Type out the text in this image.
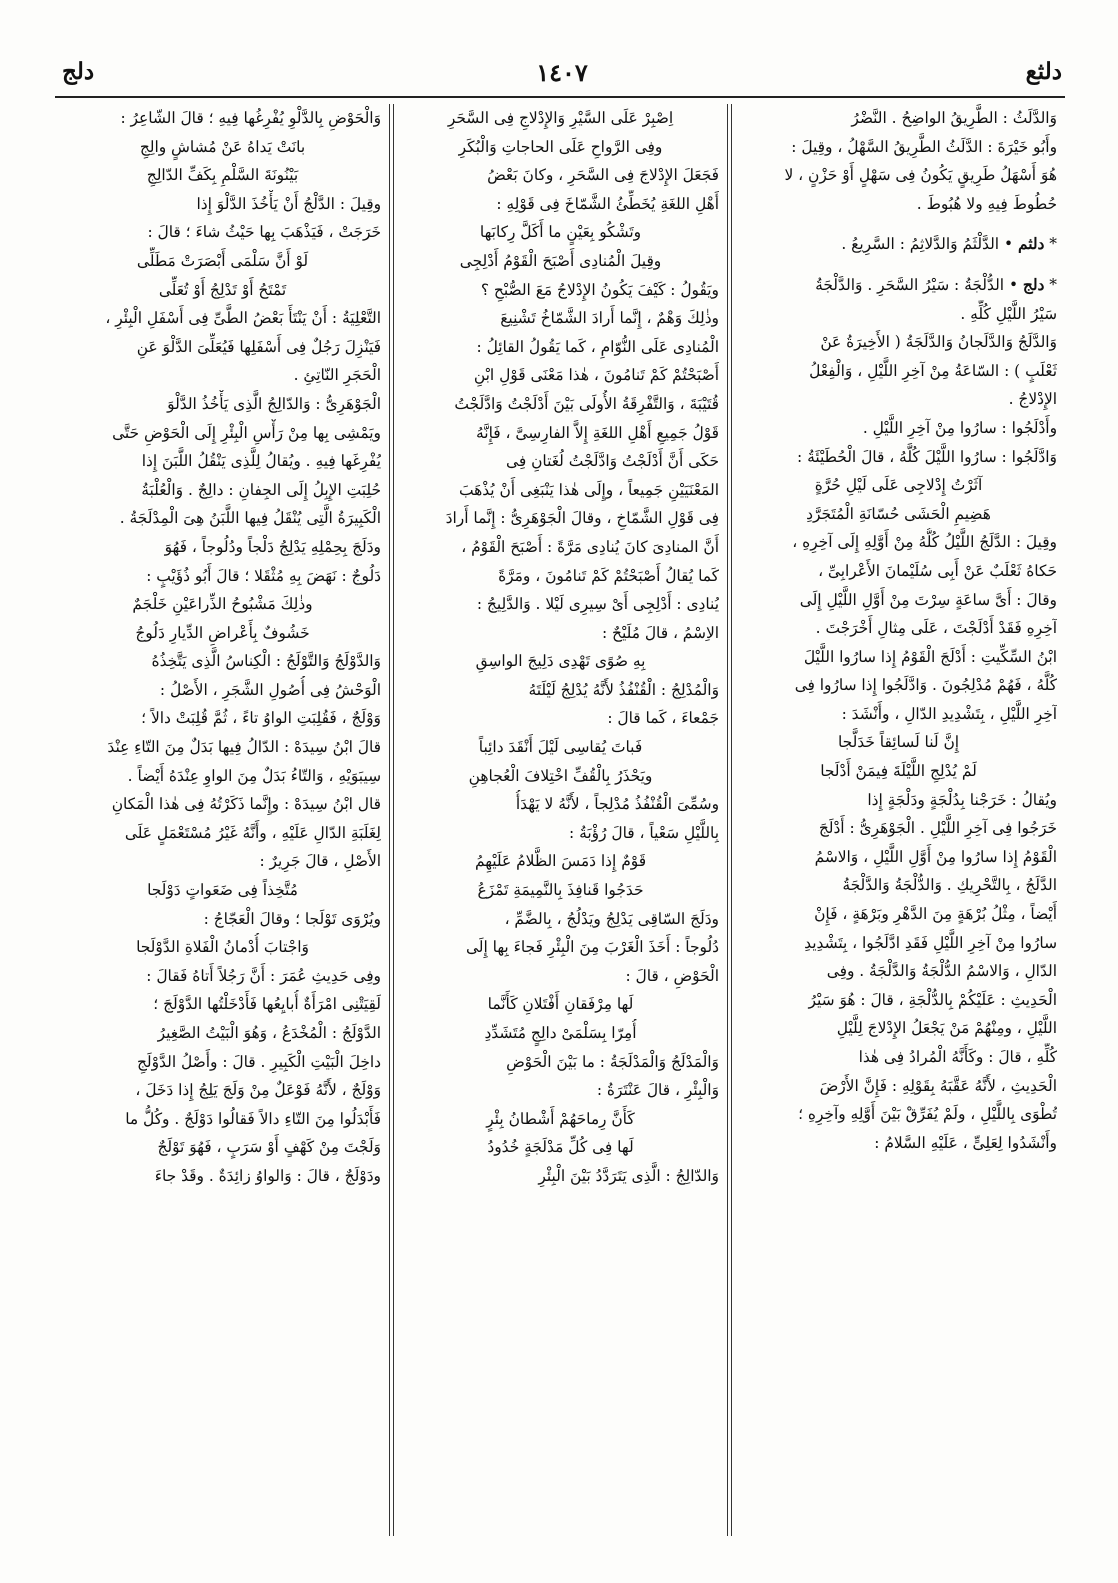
دلثع
١٤٠٧
دلج
وَالدَّلَثُ : الطَّرِيقُ الواضِحُ . النَّضْرُ
وأَبُو خَيْرَةَ : الدَّلَثُ الطَّرِيقُ السَّهْلُ ، وقِيلَ :
هُوَ أَسْهَلُ طَرِيقٍ يَكُونُ فِى سَهْلٍ أَوْ حَزْنٍ ، لا
حُطُوطَ فِيهِ ولا هُبُوطَ .
* دلثم • الدَّلْثَمُ وَالدَّلاثِمُ : السَّرِيعُ .
* دلج • الدُّلْجَةُ : سَيْرُ السَّحَرِ . وَالدَّلْجَةُ
سَيْرُ اللَّيْلِ كُلِّهِ .
وَالدَّلَجُ وَالدَّلَجانُ وَالدَّلَجَةُ ( الأَخِيرَةُ عَنْ
ثَعْلَبٍ ) : السّاعَةُ مِنْ آخِرِ اللَّيْلِ ، وَالْفِعْلُ
الإِدْلاجُ .
وأَدْلَجُوا : سارُوا مِنْ آخِرِ اللَّيْلِ .
وَادَّلَجُوا : سارُوا اللَّيْلَ كُلَّهُ ، قالَ الْحُطَيْئَةُ :
آثَرْتُ إِدْلاجِى عَلَى لَيْلِ حُرَّةٍ
هَضِيمِ الْحَشَى حُسّانَةِ الْمُتَجَرَّدِ
وقِيلَ : الدَّلَجُ اللَّيْلُ كُلُّهُ مِنْ أَوَّلِهِ إِلَى آخِرِهِ ،
حَكاهُ ثَعْلَبٌ عَنْ أَبِى سُلَيْمانَ الأَعْرابِىِّ ،
وقالَ : أَىَّ ساعَةٍ سِرْتَ مِنْ أَوَّلِ اللَّيْلِ إِلَى
آخِرِهِ فَقَدْ أَدْلَجْتَ ، عَلَى مِثالِ أَخْرَجْتَ .
ابْنُ السِّكِّيتِ : أَدْلَجَ الْقَوْمُ إِذا سارُوا اللَّيْلَ
كُلَّهُ ، فَهُمْ مُدْلِجُونَ . وَادَّلَجُوا إِذا سارُوا فِى
آخِرِ اللَّيْلِ ، بِتَشْدِيدِ الدّالِ ، وأَنْشَدَ :
إِنَّ لَنا لَسائِقاً خَدَلَّجا
لَمْ يُدْلِجِ اللَّيْلَةَ فِيمَنْ أَدْلَجا
ويُقالُ : خَرَجْنا بِدُلْجَةٍ ودَلْجَةٍ إِذا
خَرَجُوا فِى آخِرِ اللَّيْلِ . الْجَوْهَرِىُّ : أَدْلَجَ
الْقَوْمُ إِذا سارُوا مِنْ أَوَّلِ اللَّيْلِ ، وَالاسْمُ
الدَّلَجُ ، بِالتَّحْرِيكِ . وَالدُّلْجَةُ وَالدَّلْجَةُ
أَيْضاً ، مِثْلُ بُرْهَةٍ مِنَ الدَّهْرِ وبَرْهَةٍ ، فَإِنْ
سارُوا مِنْ آخِرِ اللَّيْلِ فَقَدِ ادَّلَجُوا ، بِتَشْدِيدِ
الدّالِ ، وَالاسْمُ الدُّلْجَةُ وَالدَّلْجَةُ . وفِى
الْحَدِيثِ : عَلَيْكُمْ بِالدُّلْجَةِ ، قالَ : هُوَ سَيْرُ
اللَّيْلِ ، ومِنْهُمْ مَنْ يَجْعَلُ الإِدْلاجَ لِلَّيْلِ
كُلِّهِ ، قالَ : وكَأَنَّهُ الْمُرادُ فِى هٰذا
الْحَدِيثِ ، لأَنَّهُ عَقَّبَهُ بِقَوْلِهِ : فَإِنَّ الأَرْضَ
تُطْوَى بِاللَّيْلِ ، ولَمْ يُفَرِّقْ بَيْنَ أَوَّلِهِ وآخِرِهِ ؛
وأَنْشَدُوا لِعَلِىٍّ ، عَلَيْهِ السَّلامُ :
اِصْبِرْ عَلَى السَّيْرِ وَالإِدْلاجِ فِى السَّحَرِ
وفِى الرَّواحِ عَلَى الحاجاتِ وَالْبُكَرِ
فَجَعَلَ الإِدْلاجَ فِى السَّحَرِ ، وكانَ بَعْضُ
أَهْلِ اللغَةِ يُخَطِّئُ الشَّمّاخَ فِى قَوْلِهِ :
وتَشْكُو بِعَيْنٍ ما أَكَلَّ رِكابَها
وقِيلَ الْمُنادِى أَصْبَحَ الْقَوْمُ أَدْلِجِى
ويَقُولُ : كَيْفَ يَكُونُ الإِدْلاجُ مَعَ الصُّبْحِ ؟
وذٰلِكَ وَهْمٌ ، إِنَّما أَرادَ الشَّمّاخُ تَشْنِيعَ
الْمُنادِى عَلَى النُّوّامِ ، كَما يَقُولُ القائِلُ :
أَصْبَحْتُمْ كَمْ تَنامُونَ ، هٰذا مَعْنَى قَوْلِ ابْنِ
قُتَيْبَةَ ، وَالتَّفْرِقَةُ الأُولَى بَيْنَ أَدْلَجْتُ وَادَّلَجْتُ
قَوْلُ جَمِيعِ أَهْلِ اللغَةِ إِلاَّ الفارِسِىَّ ، فَإِنَّهُ
حَكَى أَنَّ أَدْلَجْتُ وَادَّلَجْتُ لُغَتانِ فِى
المَعْنَيَيْنِ جَمِيعاً ، وإِلَى هٰذا يَنْبَغِى أَنْ يُذْهَبَ
فِى قَوْلِ الشَّمّاخِ ، وقالَ الْجَوْهَرِىُّ : إِنَّما أَرادَ
أَنَّ المنادِىَ كانَ يُنادِى مَرَّةً : أَصْبَحَ الْقَوْمُ ،
كَما يُقالُ أَصْبَحْتُمْ كَمْ تَنامُونَ ، ومَرَّةً
يُنادِى : أَدْلِجِى أَىْ سِيرِى لَيْلا . وَالدَّلِيجُ :
الاِسْمُ ، قالَ مُلَيْحٌ :
بِهِ صُوًى تَهْدِى دَلِيجَ الواسِقِ
وَالْمُدْلِجُ : الْقُنْفُذُ لأَنَّهُ يُدْلِجُ لَيْلَتَهُ
جَمْعاءَ ، كَما قالَ :
فَباتَ يُقاسِى لَيْلَ أَنْقَدَ دائِباً
ويَحْذَرُ بِالْقُفِّ اخْتِلافَ الْعُجاهِنِ
وسُمِّىَ الْقُنْفُذُ مُدْلِجاً ، لأَنَّهُ لا يَهْدَأُ
بِاللَّيْلِ سَعْياً ، قالَ رُؤْبَةُ :
قَوْمٌ إِذا دَمَسَ الظَّلامُ عَلَيْهِمُ
حَدَجُوا قَنافِذَ بِالنَّمِيمَةِ تَمْزَعُ
ودَلَجَ السّاقِى يَدْلِجُ ويَدْلُجُ ، بِالضَّمِّ ،
دُلُوجاً : أَخَذَ الْغَرْبَ مِنَ الْبِئْرِ فَجاءَ بِها إِلَى
الْحَوْضِ ، قالَ :
لَها مِرْفَقانِ أَفْتَلانِ كَأَنَّما
أُمِرّا بِسَلْمَىْ دالِجٍ مُتَشَدِّدِ
وَالْمَدْلَجُ وَالْمَدْلَجَةُ : ما بَيْنَ الْحَوْضِ
وَالْبِئْرِ ، قالَ عَنْتَرَةُ :
كَأَنَّ رِماحَهُمْ أَشْطانُ بِئْرٍ
لَها فِى كُلِّ مَدْلَجَةٍ خُدُودُ
وَالدّالِجُ : الَّذِى يَتَرَدَّدُ بَيْنَ الْبِئْرِ
وَالْحَوْضِ بِالدَّلْوِ يُفْرِغُها فِيهِ ؛ قالَ الشّاعِرُ :
بانَتْ يَداهُ عَنْ مُشاشٍ والِجِ
بَيْنُونَةَ السَّلْمِ بِكَفِّ الدّالِجِ
وقِيلَ : الدَّلْجُ أَنْ يَأْخُذَ الدَّلْوَ إِذا
خَرَجَتْ ، فَيَذْهَبَ بِها حَيْثُ شاءَ ؛ قالَ :
لَوْ أَنَّ سَلْمَى أَبْصَرَتْ مَطَلِّى
تَمْتَحُ أَوْ تَدْلِجُ أَوْ تُعَلِّى
التَّعْلِيَةُ : أَنْ يَنْتَأَ بَعْضُ الطَّىِّ فِى أَسْفَلِ الْبِئْرِ ،
فَيَنْزِلَ رَجُلٌ فِى أَسْفَلِها فَيُعَلِّىَ الدَّلْوَ عَنِ
الْحَجَرِ النّاتِئِ .
الْجَوْهَرِىُّ : وَالدّالِجُ الَّذِى يَأْخُذُ الدَّلْوَ
ويَمْشِى بِها مِنْ رَأْسِ الْبِئْرِ إِلَى الْحَوْضِ حَتَّى
يُفْرِغَها فِيهِ . ويُقالُ لِلَّذِى يَنْقُلُ اللَّبَنَ إِذا
حُلِبَتِ الإِبِلُ إِلَى الجِفانِ : دالِجٌ . وَالْعُلْبَةُ
الْكَبِيرَةُ الَّتِى يُنْقَلُ فِيها اللَّبَنُ هِىَ الْمِدْلَجَةُ .
ودَلَجَ بِحِمْلِهِ يَدْلِجُ دَلْجاً ودُلُوجاً ، فَهُوَ
دَلُوجٌ : نَهَضَ بِهِ مُثْقَلا ؛ قالَ أَبُو ذُؤَيْبٍ :
وذٰلِكَ مَشْبُوحُ الذِّراعَيْنِ خَلْجَمٌ
خَشُوفٌ بِأَعْراضِ الدِّيارِ دَلُوجُ
وَالدَّوْلَجُ وَالتَّوْلَجُ : الْكِناسُ الَّذِى يَتَّخِذُهُ
الْوَحْشُ فِى أُصُولِ الشَّجَرِ ، الأَصْلُ :
وَوْلَجٌ ، فَقُلِبَتِ الواوُ تاءً ، ثُمَّ قُلِبَتْ دالاً ؛
قالَ ابْنُ سِيدَهْ : الدّالُ فِيها بَدَلٌ مِنَ التّاءِ عِنْدَ
سِيبَوَيْهِ ، وَالتّاءُ بَدَلٌ مِنَ الواوِ عِنْدَهُ أَيْضاً .
قال ابْنُ سِيدَهْ : وإِنَّما ذَكَرْتُهُ فِى هٰذا الْمَكانِ
لِغَلَبَةِ الدّالِ عَلَيْهِ ، وأَنَّهُ غَيْرُ مُسْتَعْمَلٍ عَلَى
الأَصْلِ ، قالَ جَرِيرٌ :
مُتَّخِذاً فِى ضَعَواتٍ دَوْلَجا
ويُرْوَى تَوْلَجا ؛ وقالَ الْعَجّاجُ :
وَاجْتابَ أُدْمانُ الْفَلاةِ الدَّوْلَجا
وفِى حَدِيثِ عُمَرَ : أَنَّ رَجُلاً أَتاهُ فَقالَ :
لَقِيَتْنِى امْرَأَةٌ أُبايِعُها فَأَدْخَلْتُها الدَّوْلَجَ ؛
الدَّوْلَجُ : الْمُخْدَعُ ، وَهُوَ الْبَيْتُ الصَّغِيرُ
داخِلَ الْبَيْتِ الْكَبِيرِ . قالَ : وأَصْلُ الدَّوْلَجِ
وَوْلَجٌ ، لأَنَّهُ فَوْعَلٌ مِنْ وَلَجَ يَلِجُ إِذا دَخَلَ ،
فَأَبْدَلُوا مِنَ التّاءِ دالاً فَقالُوا دَوْلَجٌ . وكُلُّ ما
وَلَجْتَ مِنْ كَهْفٍ أَوْ سَرَبٍ ، فَهُوَ تَوْلَجٌ
ودَوْلَجٌ ، قالَ : وَالواوُ زائِدَةٌ . وقَدْ جاءَ
